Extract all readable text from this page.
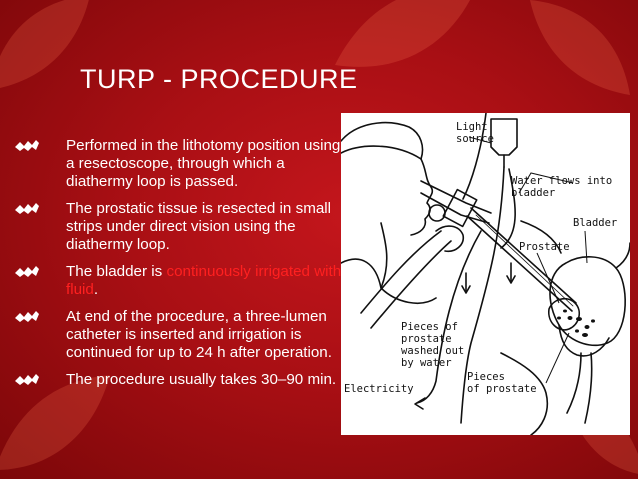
TURP - PROCEDURE
Performed in the lithotomy position using a resectoscope, through which a diathermy loop is passed.
The prostatic tissue is resected in small strips under direct vision using the diathermy loop.
The bladder is continuously irrigated with fluid.
At end of the procedure, a three-lumen catheter is inserted and irrigation is continued for up to 24 h after operation.
The procedure usually takes 30–90 min.
Light
source
Water flows into
bladder
Bladder
Prostate
Pieces of
prostate
washed out
by water
Pieces
of prostate
Electricity
